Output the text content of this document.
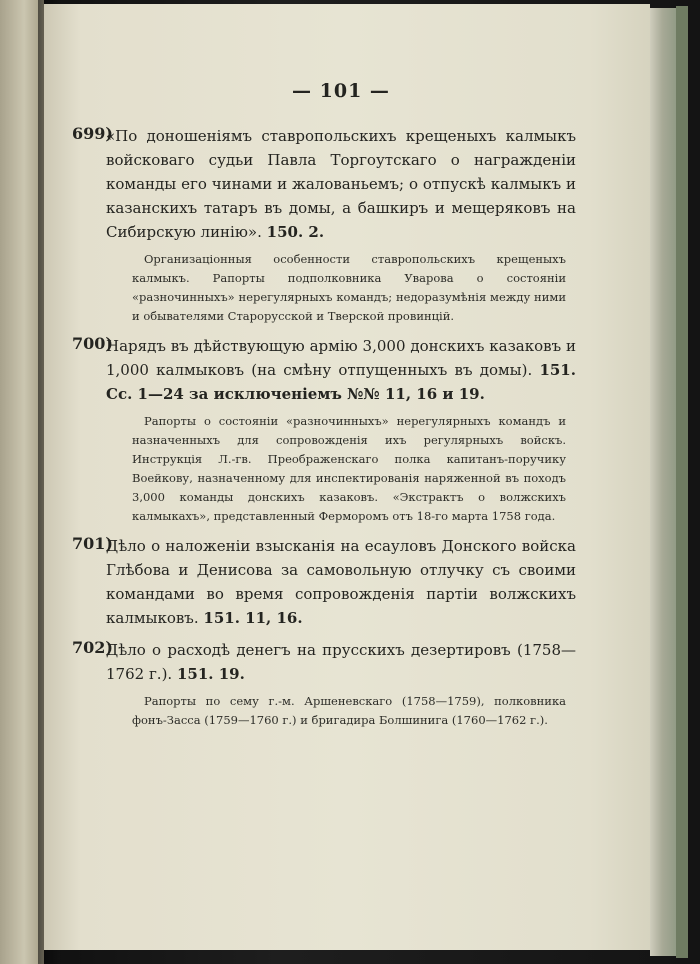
— 101 —
699)

«По донoшeніямъ ставропольскихъ крещеныхъ калмыкъ войсковаго судьи Павла Торгоутскаго о награжденіи команды его чинами и жалованьемъ; о отпускѣ калмыкъ и казанскихъ татаръ въ домы, а башкиръ и мещеряковъ на Сибирскую линію». 150. 2.

Организаціонныя особенности ставропольскихъ крещеныхъ калмыкъ. Рапорты подполковника Уварова о состояніи «разночинныхъ» нерегулярныхъ командъ; недоразумѣнія между ними и обывателями Старорусской и Тверской провинцій.

700)

Нарядъ въ дѣйствующую армію 3,000 донскихъ казаковъ и 1,000 калмыковъ (на смѣну отпущенныхъ въ домы). 151. Сс. 1—24 за исключеніемъ №№ 11, 16 и 19.

Рапорты о состояніи «разночинныхъ» нерегулярныхъ командъ и назначенныхъ для сопровожденія ихъ регулярныхъ войскъ. Инструкція Л.-гв. Преображенскаго полка капитанъ-поручику Воейкову, назначенному для инспектированія наряженной въ походъ 3,000 команды донскихъ казаковъ. «Экстрактъ о волжскихъ калмыкахъ», представленный Ферморомъ отъ 18-го марта 1758 года.

701)

Дѣло о наложеніи взысканія на есауловъ Донского войска Глѣбова и Денисова за самовольную отлучку съ своими командами во время сопровожденія партіи волжскихъ калмыковъ. 151. 11, 16.

702)

Дѣло о расходѣ денегъ на прусскихъ дезертировъ (1758—1762 г.). 151. 19.

Рапорты по сему г.-м. Аршеневскаго (1758—1759), полковника фонъ-Засса (1759—1760 г.) и бригадира Болшинига (1760—1762 г.).
